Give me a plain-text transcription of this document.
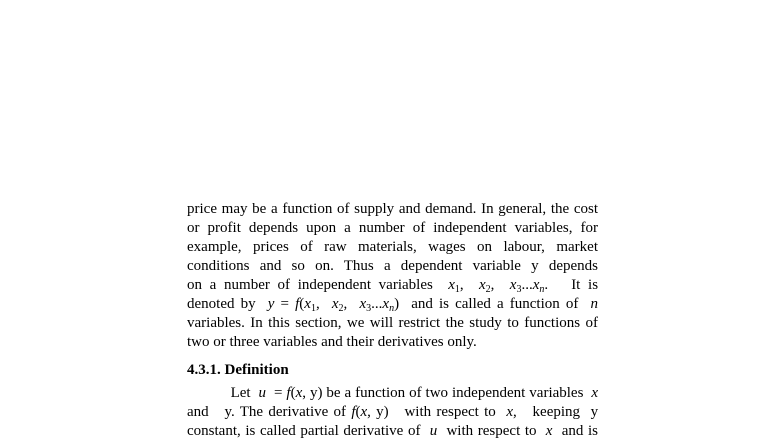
price may be a function of supply and demand. In general, the cost
or profit depends upon a number of independent variables, for
example, prices of raw materials, wages on labour, market
conditions and so on. Thus a dependent variable y depends
on a number of independent variables $x_1$,  $x_2$,  $x_3...x_n$.   It is
denoted by $y = f(x_1$,  $x_2$,  $x_3...x_n$)  and is called a function of n
variables. In this section, we will restrict the study to functions of
two or three variables and their derivatives only.
4.3.1. Definition
Let u  = f(x, y) be a function of two independent variables x
and y. The derivative of f(x, y)   with respect to x,   keeping y
constant, is called partial derivative of u with respect to x and is
